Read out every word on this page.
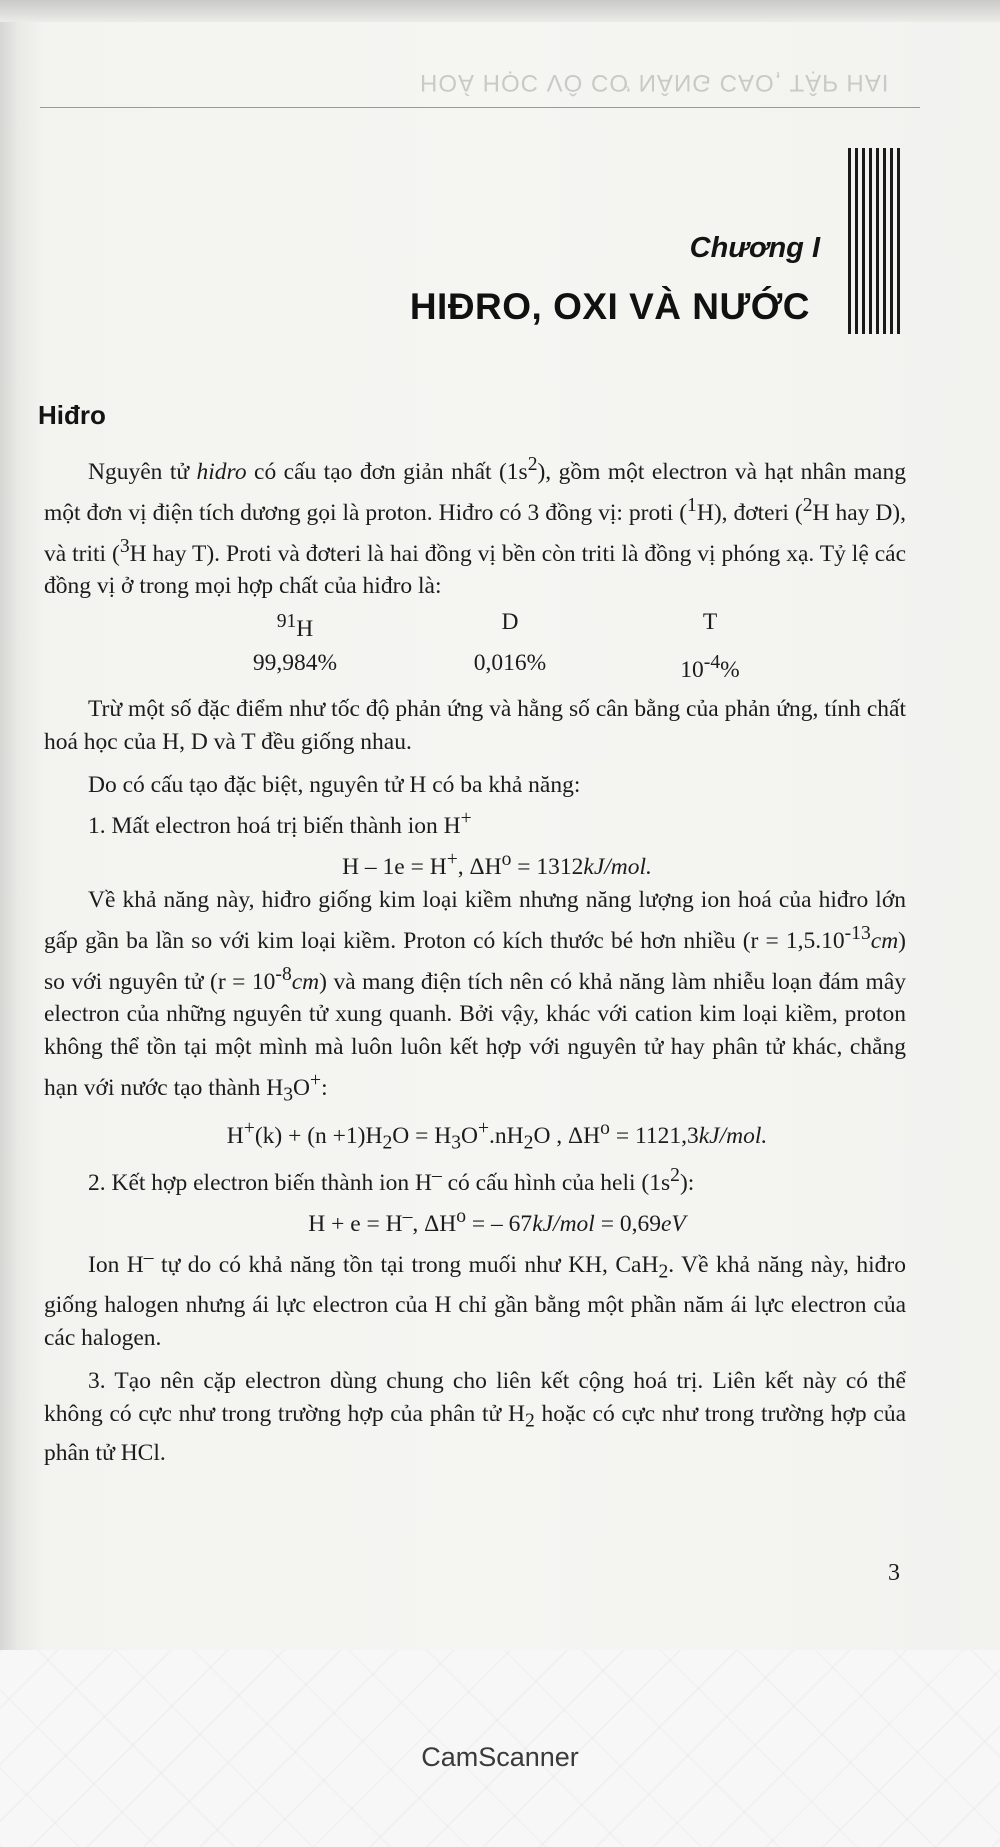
HOÁ HỌC VÔ CƠ NÂNG CAO, TẬP HAI
Chương I
HIĐRO, OXI VÀ NƯỚC
Hiđro

Nguyên tử hidro có cấu tạo đơn giản nhất $(1s^2)$, gồm một electron và hạt nhân mang một đơn vị điện tích dương gọi là proton. Hiđro có 3 đồng vị: proti ($^1$H), đơteri ($^2$H hay D), và triti ($^3$H hay T). Proti và đơteri là hai đồng vị bền còn triti là đồng vị phóng xạ. Tỷ lệ các đồng vị ở trong mọi hợp chất của hiđro là:

$^{91}$H	D	T
99,984%	0,016%	$10^{-4}\%$

Trừ một số đặc điểm như tốc độ phản ứng và hằng số cân bằng của phản ứng, tính chất hoá học của H, D và T đều giống nhau.

Do có cấu tạo đặc biệt, nguyên tử H có ba khả năng:

1. Mất electron hoá trị biến thành ion H+

H – 1e = H+, $\Delta H^o = 1312kJ/mol$.

Về khả năng này, hiđro giống kim loại kiềm nhưng năng lượng ion hoá của hiđro lớn gấp gần ba lần so với kim loại kiềm. Proton có kích thước bé hơn nhiều $(r = 1,5.10^{-13}cm)$ so với nguyên tử $(r = 10^{-8}cm)$ và mang điện tích nên có khả năng làm nhiễu loạn đám mây electron của những nguyên tử xung quanh. Bởi vậy, khác với cation kim loại kiềm, proton không thể tồn tại một mình mà luôn luôn kết hợp với nguyên tử hay phân tử khác, chẳng hạn với nước tạo thành $H_3O^+$:

$H^+(k) + (n +1)H_2O = H_3O^+.nH_2O$ , $\Delta H^o = 1121,3kJ/mol$.

2. Kết hợp electron biến thành ion H– có cấu hình của heli $(1s^2)$:

H + e = H–, $\Delta H^o$ = – 67kJ/mol = 0,69eV

Ion H– tự do có khả năng tồn tại trong muối như KH, CaH$_2$. Về khả năng này, hiđro giống halogen nhưng ái lực electron của H chỉ gần bằng một phần năm ái lực electron của các halogen.

3. Tạo nên cặp electron dùng chung cho liên kết cộng hoá trị. Liên kết này có thể không có cực như trong trường hợp của phân tử $H_2$ hoặc có cực như trong trường hợp của phân tử HCl.

3
CamScanner
